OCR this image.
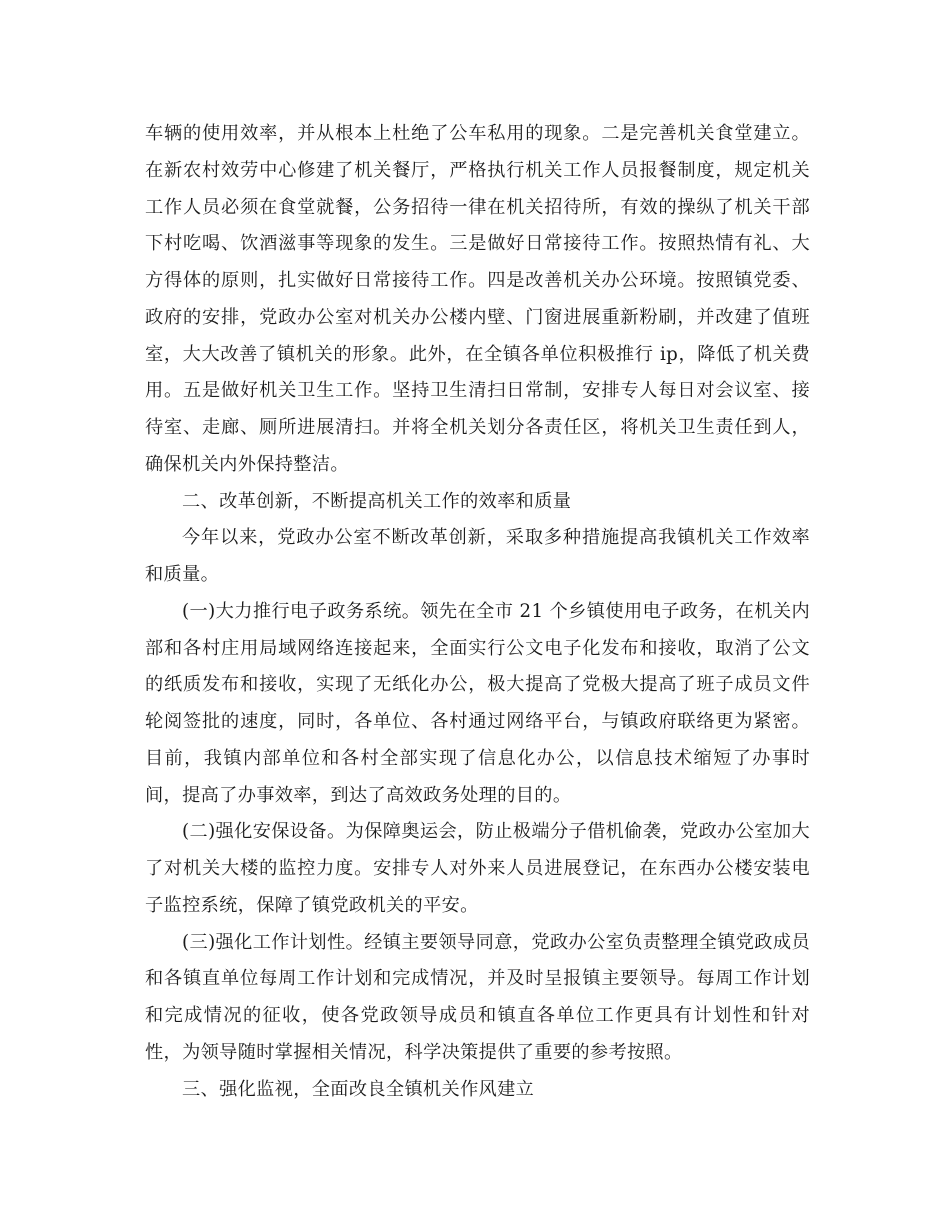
车辆的使用效率，并从根本上杜绝了公车私用的现象。二是完善机关食堂建立。在新农村效劳中心修建了机关餐厅，严格执行机关工作人员报餐制度，规定机关工作人员必须在食堂就餐，公务招待一律在机关招待所，有效的操纵了机关干部下村吃喝、饮酒滋事等现象的发生。三是做好日常接待工作。按照热情有礼、大方得体的原则，扎实做好日常接待工作。四是改善机关办公环境。按照镇党委、政府的安排，党政办公室对机关办公楼内壁、门窗进展重新粉刷，并改建了值班室，大大改善了镇机关的形象。此外，在全镇各单位积极推行 ip，降低了机关费用。五是做好机关卫生工作。坚持卫生清扫日常制，安排专人每日对会议室、接待室、走廊、厕所进展清扫。并将全机关划分各责任区，将机关卫生责任到人，确保机关内外保持整洁。

二、改革创新，不断提高机关工作的效率和质量

今年以来，党政办公室不断改革创新，采取多种措施提高我镇机关工作效率和质量。

(一)大力推行电子政务系统。领先在全市 21 个乡镇使用电子政务，在机关内部和各村庄用局域网络连接起来，全面实行公文电子化发布和接收，取消了公文的纸质发布和接收，实现了无纸化办公，极大提高了党极大提高了班子成员文件轮阅签批的速度，同时，各单位、各村通过网络平台，与镇政府联络更为紧密。目前，我镇内部单位和各村全部实现了信息化办公，以信息技术缩短了办事时间，提高了办事效率，到达了高效政务处理的目的。

(二)强化安保设备。为保障奥运会，防止极端分子借机偷袭，党政办公室加大了对机关大楼的监控力度。安排专人对外来人员进展登记，在东西办公楼安装电子监控系统，保障了镇党政机关的平安。

(三)强化工作计划性。经镇主要领导同意，党政办公室负责整理全镇党政成员和各镇直单位每周工作计划和完成情况，并及时呈报镇主要领导。每周工作计划和完成情况的征收，使各党政领导成员和镇直各单位工作更具有计划性和针对性，为领导随时掌握相关情况，科学决策提供了重要的参考按照。

三、强化监视，全面改良全镇机关作风建立
